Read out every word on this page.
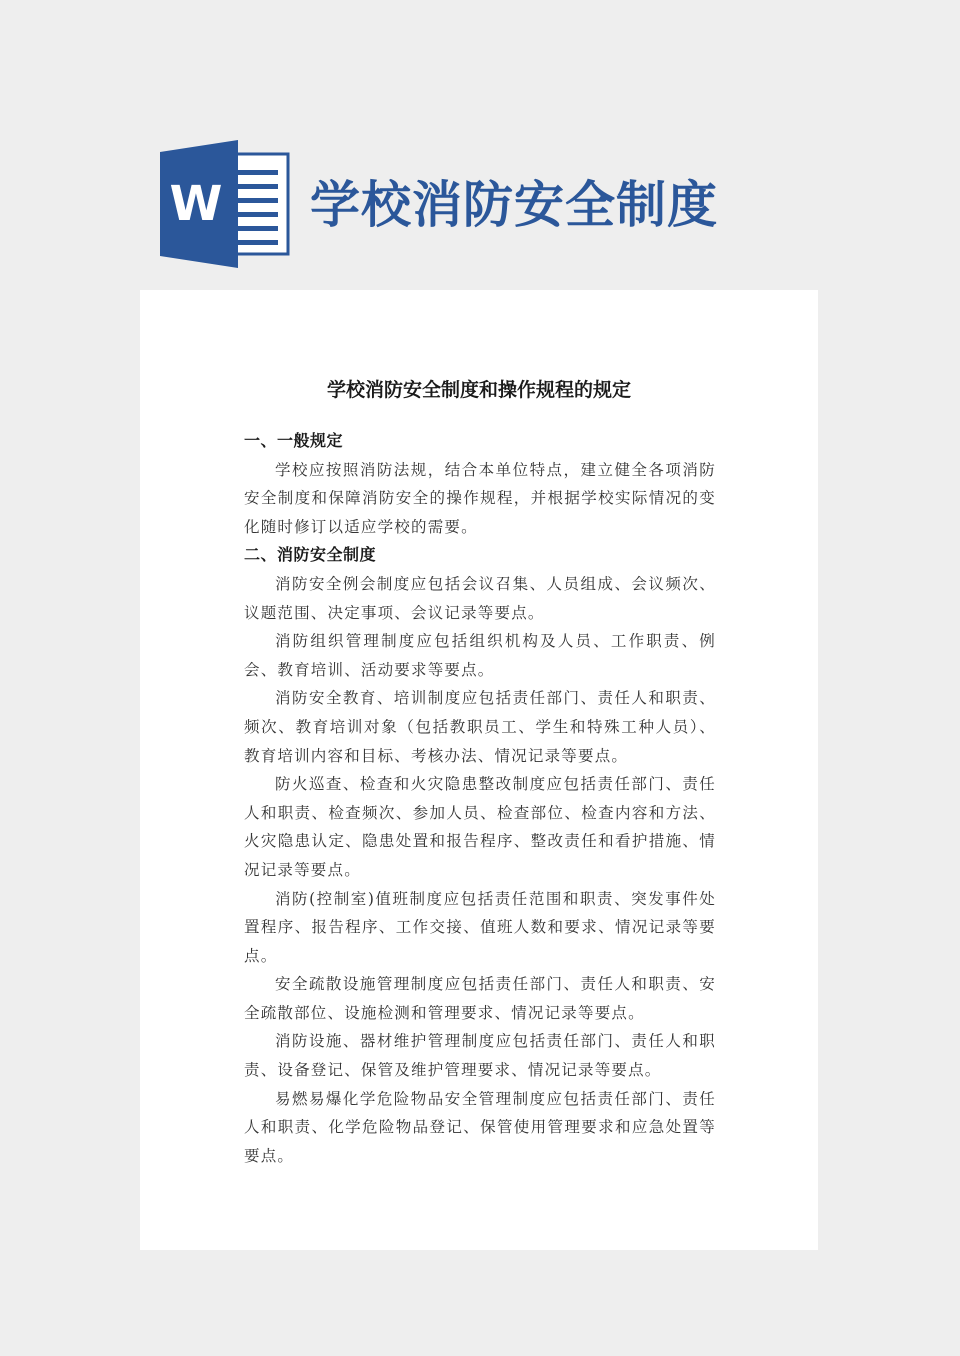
W 学校消防安全制度
学校消防安全制度和操作规程的规定
一、一般规定

学校应按照消防法规，结合本单位特点，建立健全各项消防安全制度和保障消防安全的操作规程，并根据学校实际情况的变化随时修订以适应学校的需要。

二、消防安全制度

消防安全例会制度应包括会议召集、人员组成、会议频次、议题范围、决定事项、会议记录等要点。

消防组织管理制度应包括组织机构及人员、工作职责、例会、教育培训、活动要求等要点。

消防安全教育、培训制度应包括责任部门、责任人和职责、频次、教育培训对象（包括教职员工、学生和特殊工种人员）、教育培训内容和目标、考核办法、情况记录等要点。

防火巡查、检查和火灾隐患整改制度应包括责任部门、责任人和职责、检查频次、参加人员、检查部位、检查内容和方法、火灾隐患认定、隐患处置和报告程序、整改责任和看护措施、情况记录等要点。

消防(控制室)值班制度应包括责任范围和职责、突发事件处置程序、报告程序、工作交接、值班人数和要求、情况记录等要点。

安全疏散设施管理制度应包括责任部门、责任人和职责、安全疏散部位、设施检测和管理要求、情况记录等要点。

消防设施、器材维护管理制度应包括责任部门、责任人和职责、设备登记、保管及维护管理要求、情况记录等要点。

易燃易爆化学危险物品安全管理制度应包括责任部门、责任人和职责、化学危险物品登记、保管使用管理要求和应急处置等要点。
